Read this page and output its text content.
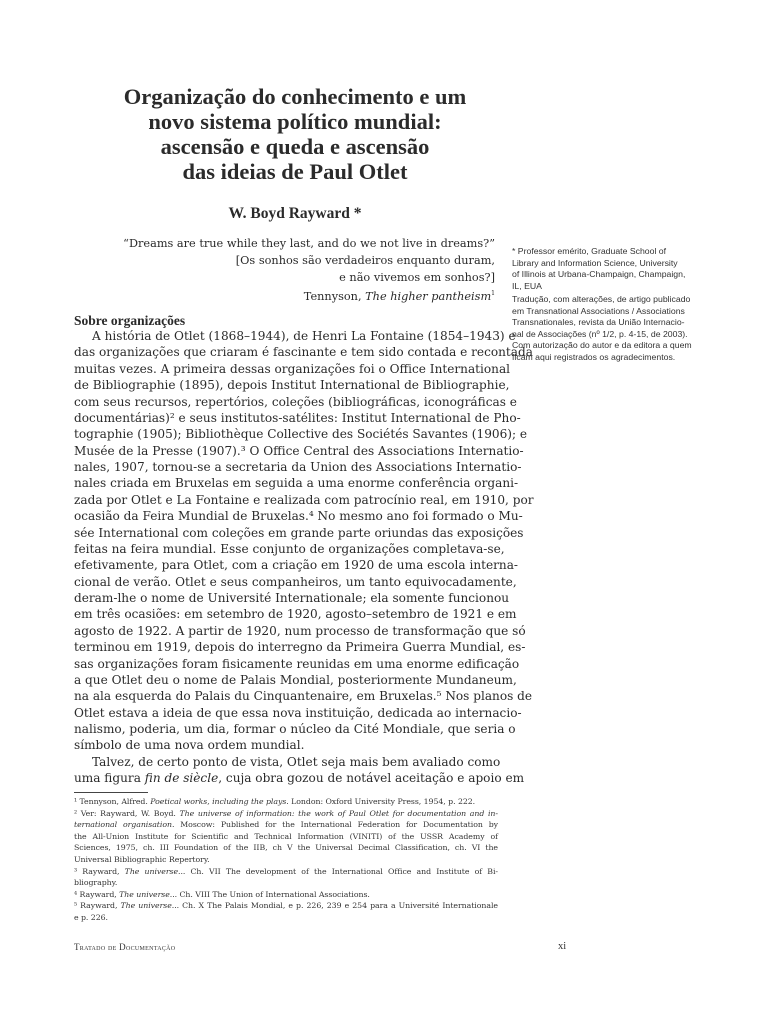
Organização do conhecimento e um
novo sistema político mundial:
ascensão e queda e ascensão
das ideias de Paul Otlet
W. Boyd Rayward *
“Dreams are true while they last, and do we not live in dreams?”
[Os sonhos são verdadeiros enquanto duram,
e não vivemos em sonhos?]
Tennyson, The higher pantheism$^1$
* Professor emérito, Graduate School of
Library and Information Science, University
of Illinois at Urbana-Champaign, Champaign,
IL, EUA
Tradução, com alterações, de artigo publicado
em Transnational Associations / Associations
Transnationales, revista da União Internacio-
nal de Associações (nº 1/2, p. 4-15, de 2003).
Com autorização do autor e da editora a quem
ficam aqui registrados os agradecimentos.
Sobre organizações
A história de Otlet (1868–1944), de Henri La Fontaine (1854–1943) e
das organizações que criaram é fascinante e tem sido contada e recontada
muitas vezes. A primeira dessas organizações foi o Office International
de Bibliographie (1895), depois Institut International de Bibliographie,
com seus recursos, repertórios, coleções (bibliográficas, iconográficas e
documentárias)² e seus institutos-satélites: Institut International de Pho-
tographie (1905); Bibliothèque Collective des Sociétés Savantes (1906); e
Musée de la Presse (1907).³ O Office Central des Associations Internatio-
nales, 1907, tornou-se a secretaria da Union des Associations Internatio-
nales criada em Bruxelas em seguida a uma enorme conferência organi-
zada por Otlet e La Fontaine e realizada com patrocínio real, em 1910, por
ocasião da Feira Mundial de Bruxelas.⁴ No mesmo ano foi formado o Mu-
sée International com coleções em grande parte oriundas das exposições
feitas na feira mundial. Esse conjunto de organizações completava-se,
efetivamente, para Otlet, com a criação em 1920 de uma escola interna-
cional de verão. Otlet e seus companheiros, um tanto equivocadamente,
deram-lhe o nome de Université Internationale; ela somente funcionou
em três ocasiões: em setembro de 1920, agosto–setembro de 1921 e em
agosto de 1922. A partir de 1920, num processo de transformação que só
terminou em 1919, depois do interregno da Primeira Guerra Mundial, es-
sas organizações foram fisicamente reunidas em uma enorme edificação
a que Otlet deu o nome de Palais Mondial, posteriormente Mundaneum,
na ala esquerda do Palais du Cinquantenaire, em Bruxelas.⁵ Nos planos de
Otlet estava a ideia de que essa nova instituição, dedicada ao internacio-
nalismo, poderia, um dia, formar o núcleo da Cité Mondiale, que seria o
símbolo de uma nova ordem mundial.
Talvez, de certo ponto de vista, Otlet seja mais bem avaliado como
uma figura fin de siècle, cuja obra gozou de notável aceitação e apoio em
¹ Tennyson, Alfred. Poetical works, including the plays. London: Oxford University Press, 1954, p. 222.
² Ver: Rayward, W. Boyd. The universe of information: the work of Paul Otlet for documentation and in-
ternational organisation. Moscow: Published for the International Federation for Documentation by
the All-Union Institute for Scientific and Technical Information (VINITI) of the USSR Academy of
Sciences, 1975, ch. III Foundation of the IIB, ch V the Universal Decimal Classification, ch. VI the
Universal Bibliographic Repertory.
³ Rayward, The universe... Ch. VII The development of the International Office and Institute of Bi-
bliography.
⁴ Rayward, The universe... Ch. VIII The Union of International Associations.
⁵ Rayward, The universe... Ch. X The Palais Mondial, e p. 226, 239 e 254 para a Université Internationale
e p. 226.
Tratado de Documentação	xi
